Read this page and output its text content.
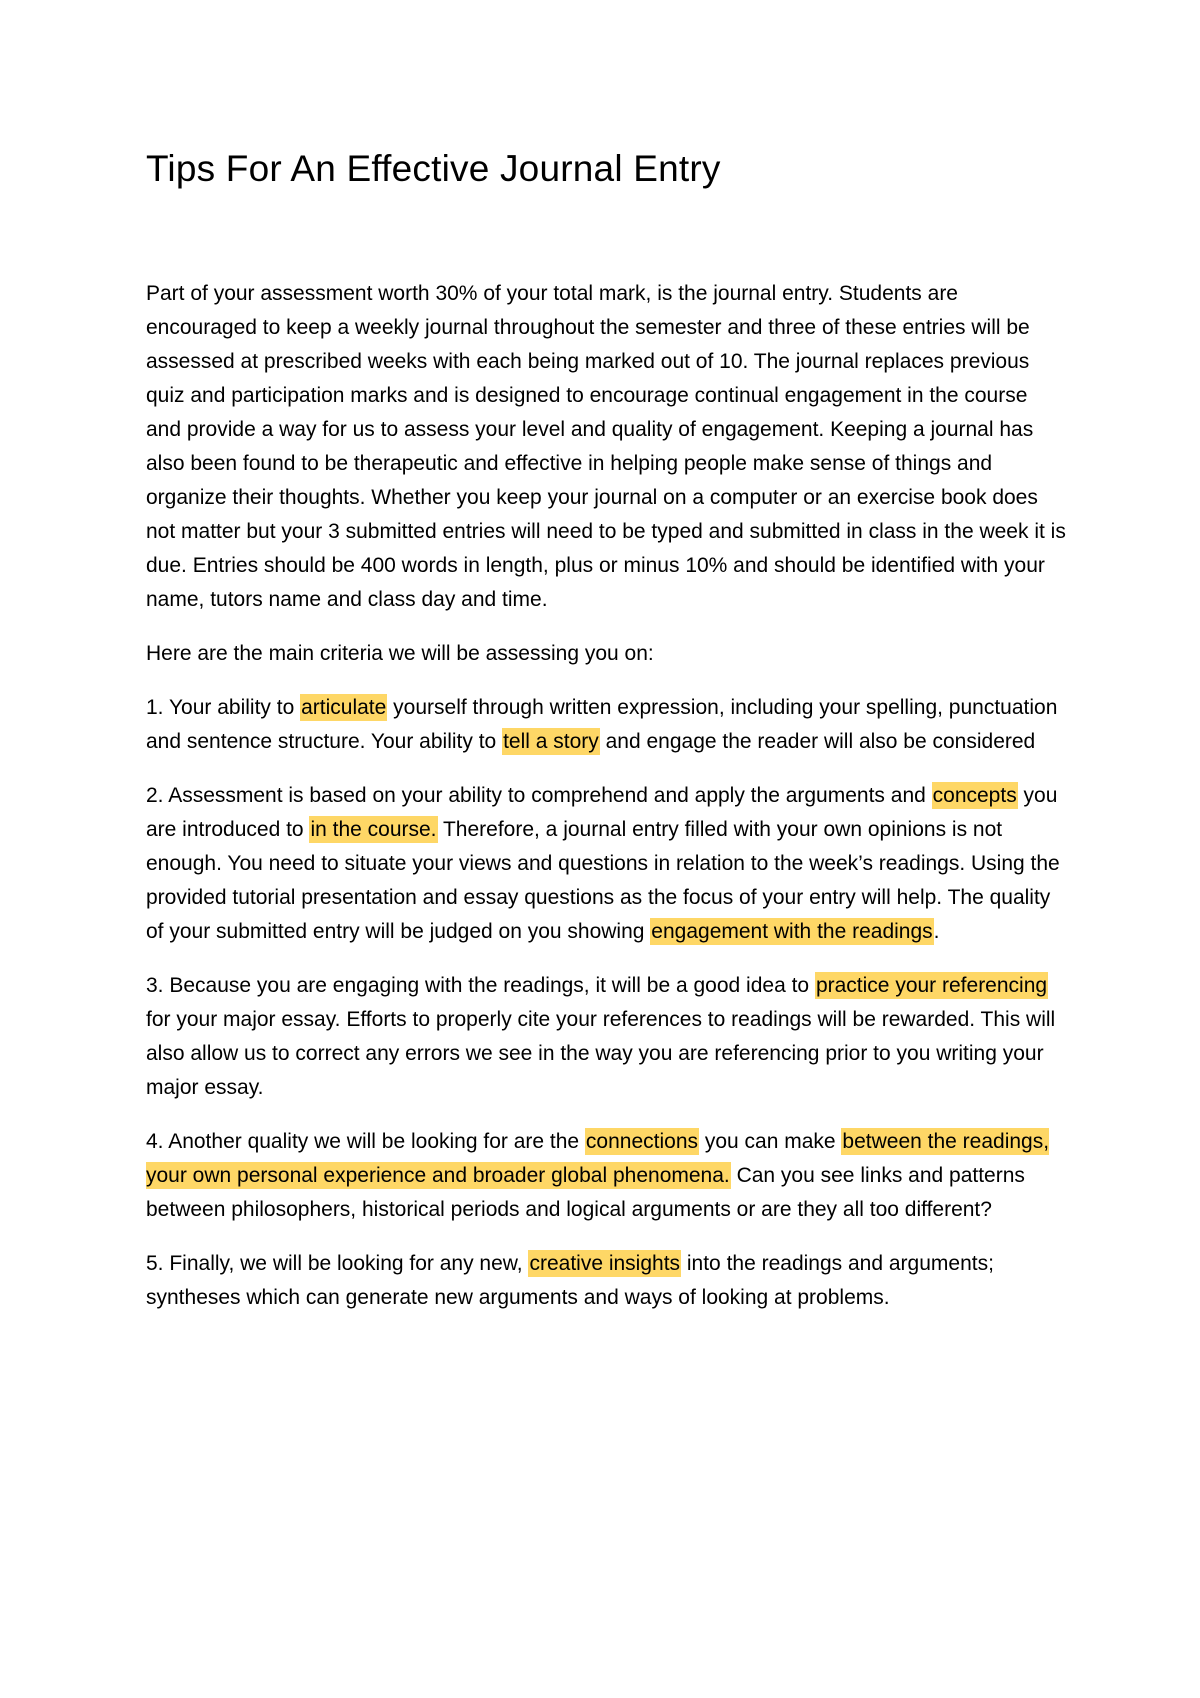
Tips For An Effective Journal Entry

Part of your assessment worth 30% of your total mark, is the journal entry. Students are encouraged to keep a weekly journal throughout the semester and three of these entries will be assessed at prescribed weeks with each being marked out of 10. The journal replaces previous quiz and participation marks and is designed to encourage continual engagement in the course and provide a way for us to assess your level and quality of engagement. Keeping a journal has also been found to be therapeutic and effective in helping people make sense of things and organize their thoughts. Whether you keep your journal on a computer or an exercise book does not matter but your 3 submitted entries will need to be typed and submitted in class in the week it is due. Entries should be 400 words in length, plus or minus 10% and should be identified with your name, tutors name and class day and time.

Here are the main criteria we will be assessing you on:

1. Your ability to articulate yourself through written expression, including your spelling, punctuation and sentence structure. Your ability to tell a story and engage the reader will also be considered

2. Assessment is based on your ability to comprehend and apply the arguments and concepts you are introduced to in the course. Therefore, a journal entry filled with your own opinions is not enough. You need to situate your views and questions in relation to the week’s readings. Using the provided tutorial presentation and essay questions as the focus of your entry will help. The quality of your submitted entry will be judged on you showing engagement with the readings.

3. Because you are engaging with the readings, it will be a good idea to practice your referencing for your major essay. Efforts to properly cite your references to readings will be rewarded. This will also allow us to correct any errors we see in the way you are referencing prior to you writing your major essay.

4. Another quality we will be looking for are the connections you can make between the readings, your own personal experience and broader global phenomena. Can you see links and patterns between philosophers, historical periods and logical arguments or are they all too different?

5. Finally, we will be looking for any new, creative insights into the readings and arguments; syntheses which can generate new arguments and ways of looking at problems.
